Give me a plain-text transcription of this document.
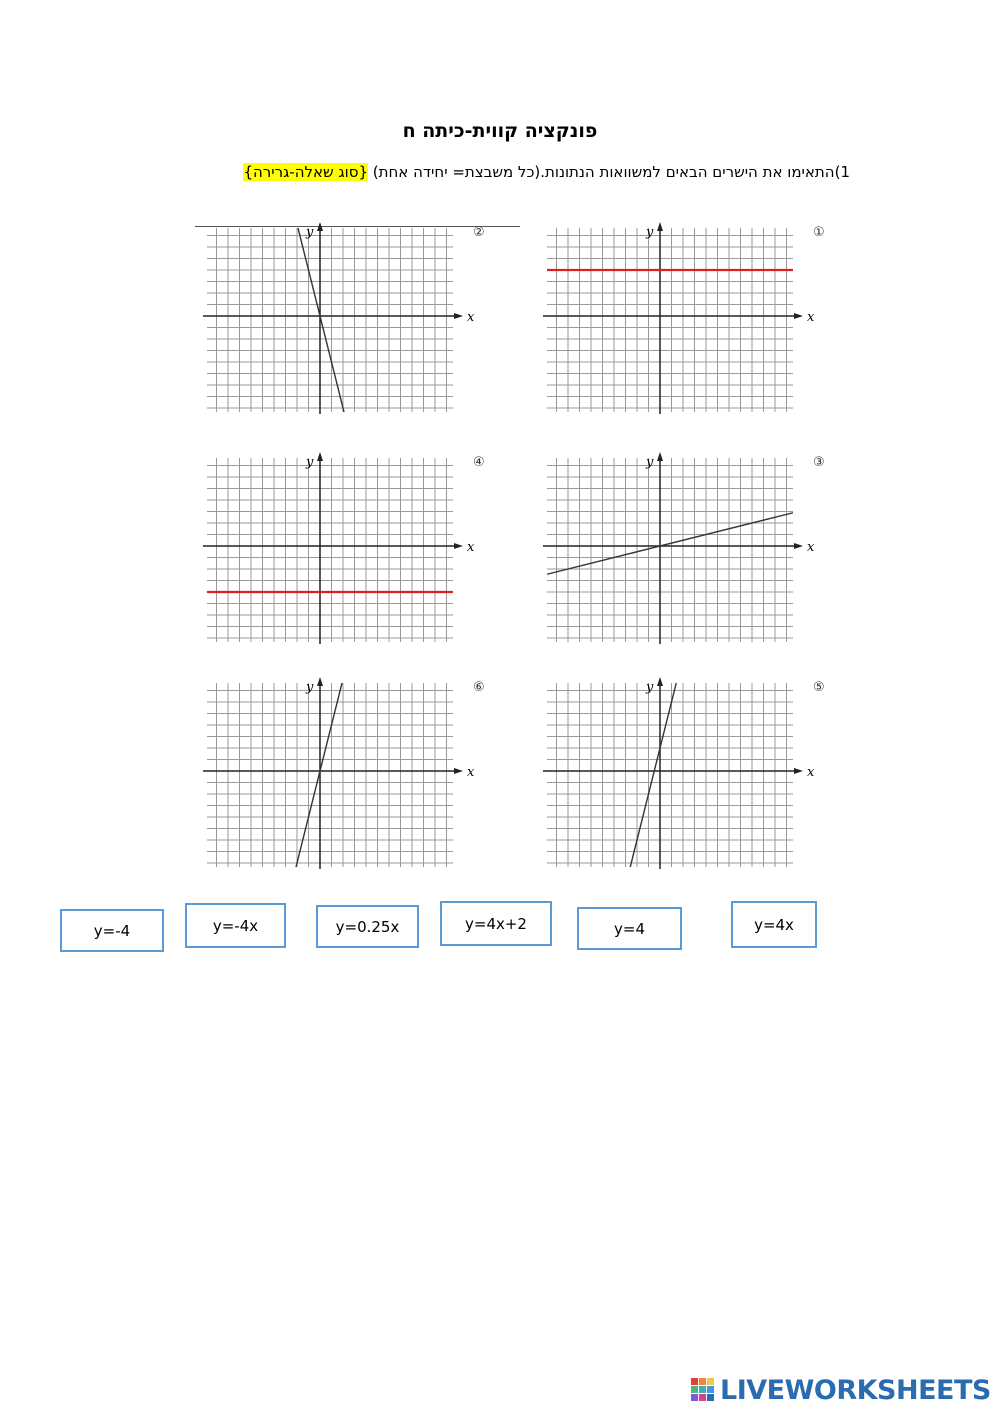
פונקציה קווית-כיתה ח
1)התאימו את הישרים הבאים למשוואות הנתונות.(כל משבצת= יחידה אחת) {סוג שאלה-גרירה}
x
y	②
x
y	①
x
y	④
x
y	③
x
y	⑥
x
y	⑤
y=-4	y=-4x	y=0.25x	y=4x+2	y=4	y=4x
LIVEWORKSHEETS
